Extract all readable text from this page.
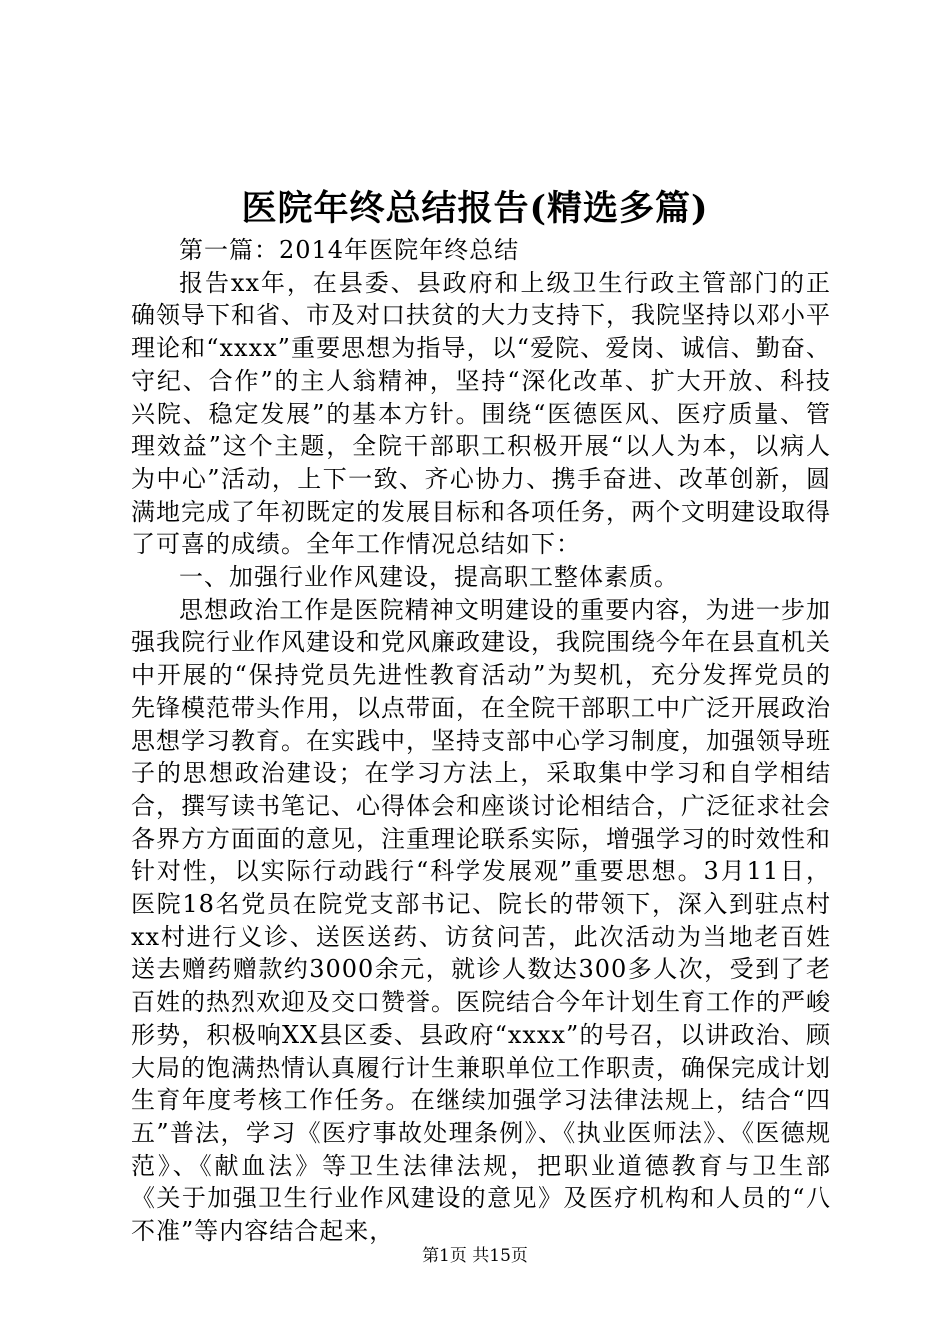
医院年终总结报告(精选多篇)

第一篇：2014年医院年终总结

报告xx年，在县委、县政府和上级卫生行政主管部门的正确领导下和省、市及对口扶贫的大力支持下，我院坚持以邓小平理论和“xxxx”重要思想为指导，以“爱院、爱岗、诚信、勤奋、守纪、合作”的主人翁精神，坚持“深化改革、扩大开放、科技兴院、稳定发展”的基本方针。围绕“医德医风、医疗质量、管理效益”这个主题，全院干部职工积极开展“以人为本，以病人为中心”活动，上下一致、齐心协力、携手奋进、改革创新，圆满地完成了年初既定的发展目标和各项任务，两个文明建设取得了可喜的成绩。全年工作情况总结如下：

一、加强行业作风建设，提高职工整体素质。

思想政治工作是医院精神文明建设的重要内容，为进一步加强我院行业作风建设和党风廉政建设，我院围绕今年在县直机关中开展的“保持党员先进性教育活动”为契机，充分发挥党员的先锋模范带头作用，以点带面，在全院干部职工中广泛开展政治思想学习教育。在实践中，坚持支部中心学习制度，加强领导班子的思想政治建设；在学习方法上，采取集中学习和自学相结合，撰写读书笔记、心得体会和座谈讨论相结合，广泛征求社会各界方方面面的意见，注重理论联系实际，增强学习的时效性和针对性，以实际行动践行“科学发展观”重要思想。3月11日，医院18名党员在院党支部书记、院长的带领下，深入到驻点村xx村进行义诊、送医送药、访贫问苦，此次活动为当地老百姓送去赠药赠款约3000余元，就诊人数达300多人次，受到了老百姓的热烈欢迎及交口赞誉。医院结合今年计划生育工作的严峻形势，积极响XX县区委、县政府“xxxx”的号召，以讲政治、顾大局的饱满热情认真履行计生兼职单位工作职责，确保完成计划生育年度考核工作任务。在继续加强学习法律法规上，结合“四五”普法，学习《医疗事故处理条例》、《执业医师法》、《医德规范》、《献血法》等卫生法律法规，把职业道德教育与卫生部《关于加强卫生行业作风建设的意见》及医疗机构和人员的“八不准”等内容结合起来，

第1页 共15页
